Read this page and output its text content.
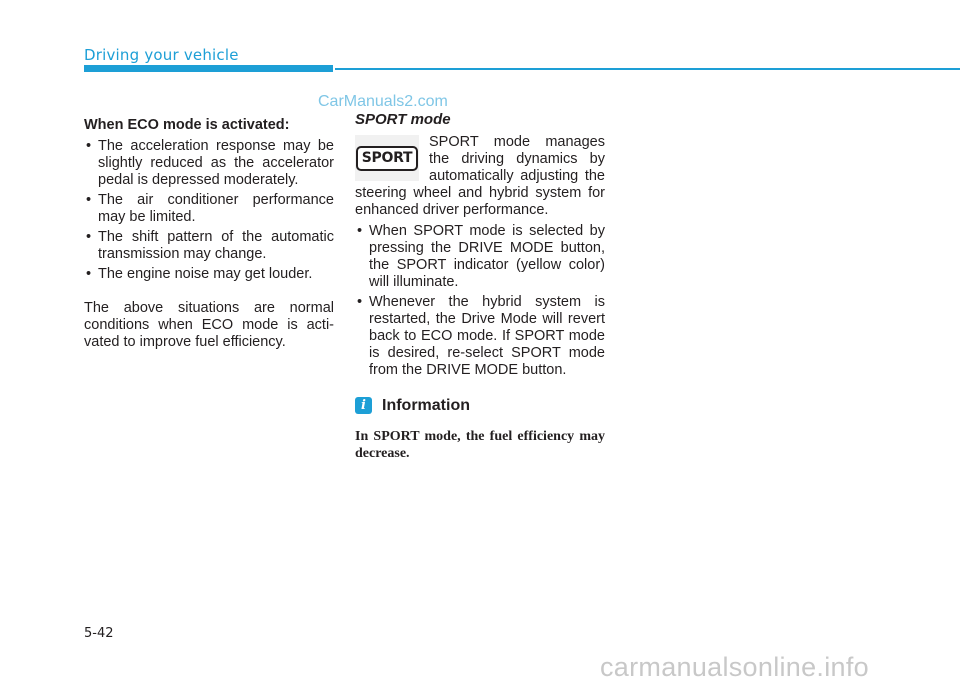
Driving your vehicle
CarManuals2.com
When ECO mode is activated:
• The acceleration response may be slightly reduced as the accelerator pedal is depressed moderately.
• The air conditioner performance may be limited.
• The shift pattern of the automatic transmission may change.
• The engine noise may get louder.
The above situations are normal conditions when ECO mode is acti- vated to improve fuel efficiency.
SPORT mode
SPORT
SPORT mode manages the driving dynamics by automatically adjusting the steering wheel and hybrid system for enhanced driver performance.
• When SPORT mode is selected by pressing the DRIVE MODE button, the SPORT indicator (yellow color) will illuminate.
• Whenever the hybrid system is restarted, the Drive Mode will revert back to ECO mode. If SPORT mode is desired, re-select SPORT mode from the DRIVE MODE button.
i	Information
In SPORT mode, the fuel efficiency may decrease.
5-42
carmanualsonline.info
